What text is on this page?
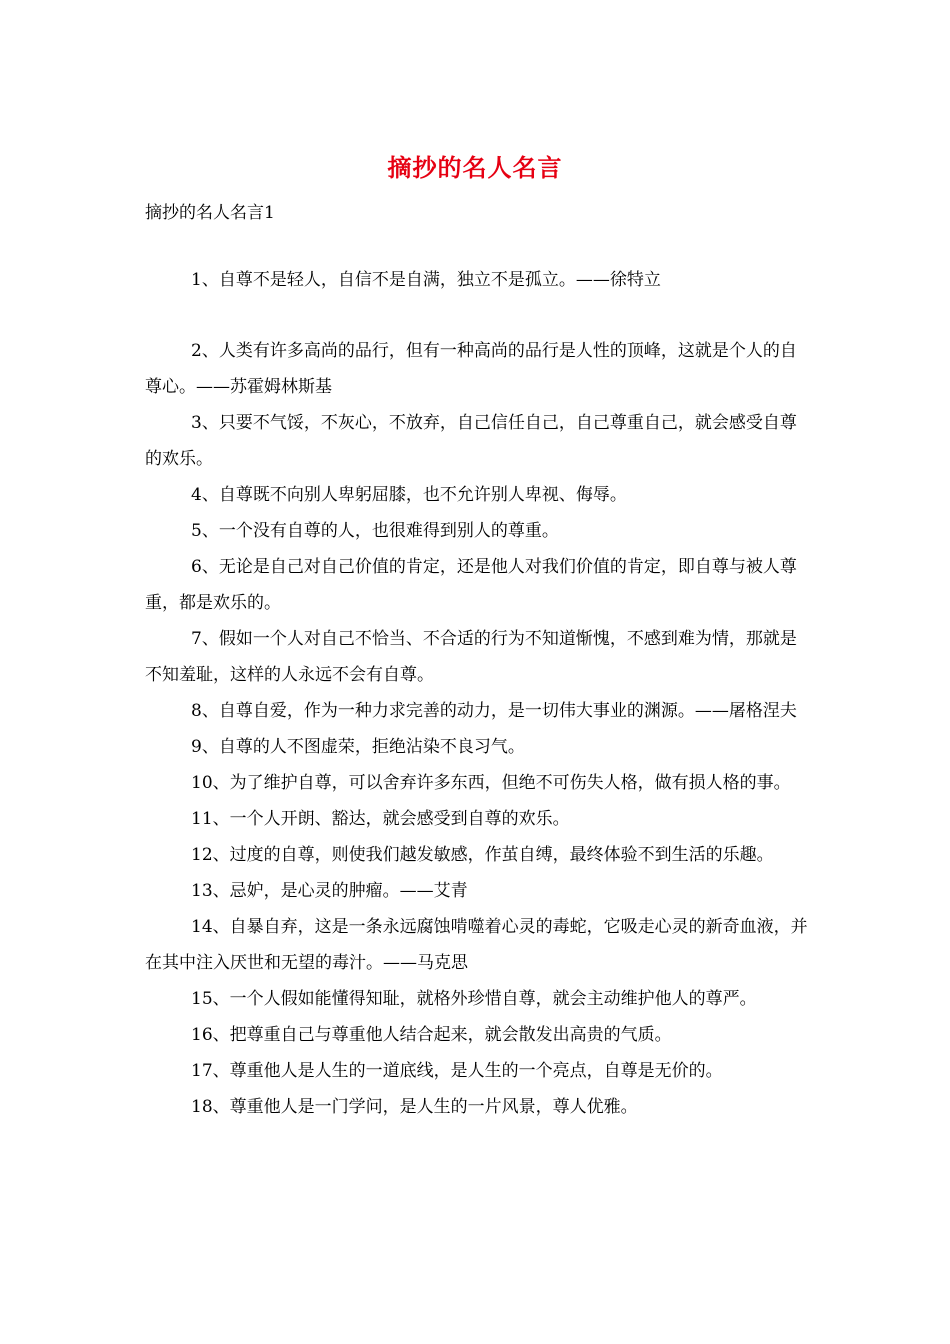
摘抄的名人名言
摘抄的名人名言1
1、自尊不是轻人，自信不是自满，独立不是孤立。——徐特立
2、人类有许多高尚的品行，但有一种高尚的品行是人性的顶峰，这就是个人的自尊心。——苏霍姆林斯基
3、只要不气馁，不灰心，不放弃，自己信任自己，自己尊重自己，就会感受自尊的欢乐。
4、自尊既不向别人卑躬屈膝，也不允许别人卑视、侮辱。
5、一个没有自尊的人，也很难得到别人的尊重。
6、无论是自己对自己价值的肯定，还是他人对我们价值的肯定，即自尊与被人尊重，都是欢乐的。
7、假如一个人对自己不恰当、不合适的行为不知道惭愧，不感到难为情，那就是不知羞耻，这样的人永远不会有自尊。
8、自尊自爱，作为一种力求完善的动力，是一切伟大事业的渊源。——屠格涅夫
9、自尊的人不图虚荣，拒绝沾染不良习气。
10、为了维护自尊，可以舍弃许多东西，但绝不可伤失人格，做有损人格的事。
11、一个人开朗、豁达，就会感受到自尊的欢乐。
12、过度的自尊，则使我们越发敏感，作茧自缚，最终体验不到生活的乐趣。
13、忌妒，是心灵的肿瘤。——艾青
14、自暴自弃，这是一条永远腐蚀啃噬着心灵的毒蛇，它吸走心灵的新奇血液，并在其中注入厌世和无望的毒汁。——马克思
15、一个人假如能懂得知耻，就格外珍惜自尊，就会主动维护他人的尊严。
16、把尊重自己与尊重他人结合起来，就会散发出高贵的气质。
17、尊重他人是人生的一道底线，是人生的一个亮点，自尊是无价的。
18、尊重他人是一门学问，是人生的一片风景，尊人优雅。
